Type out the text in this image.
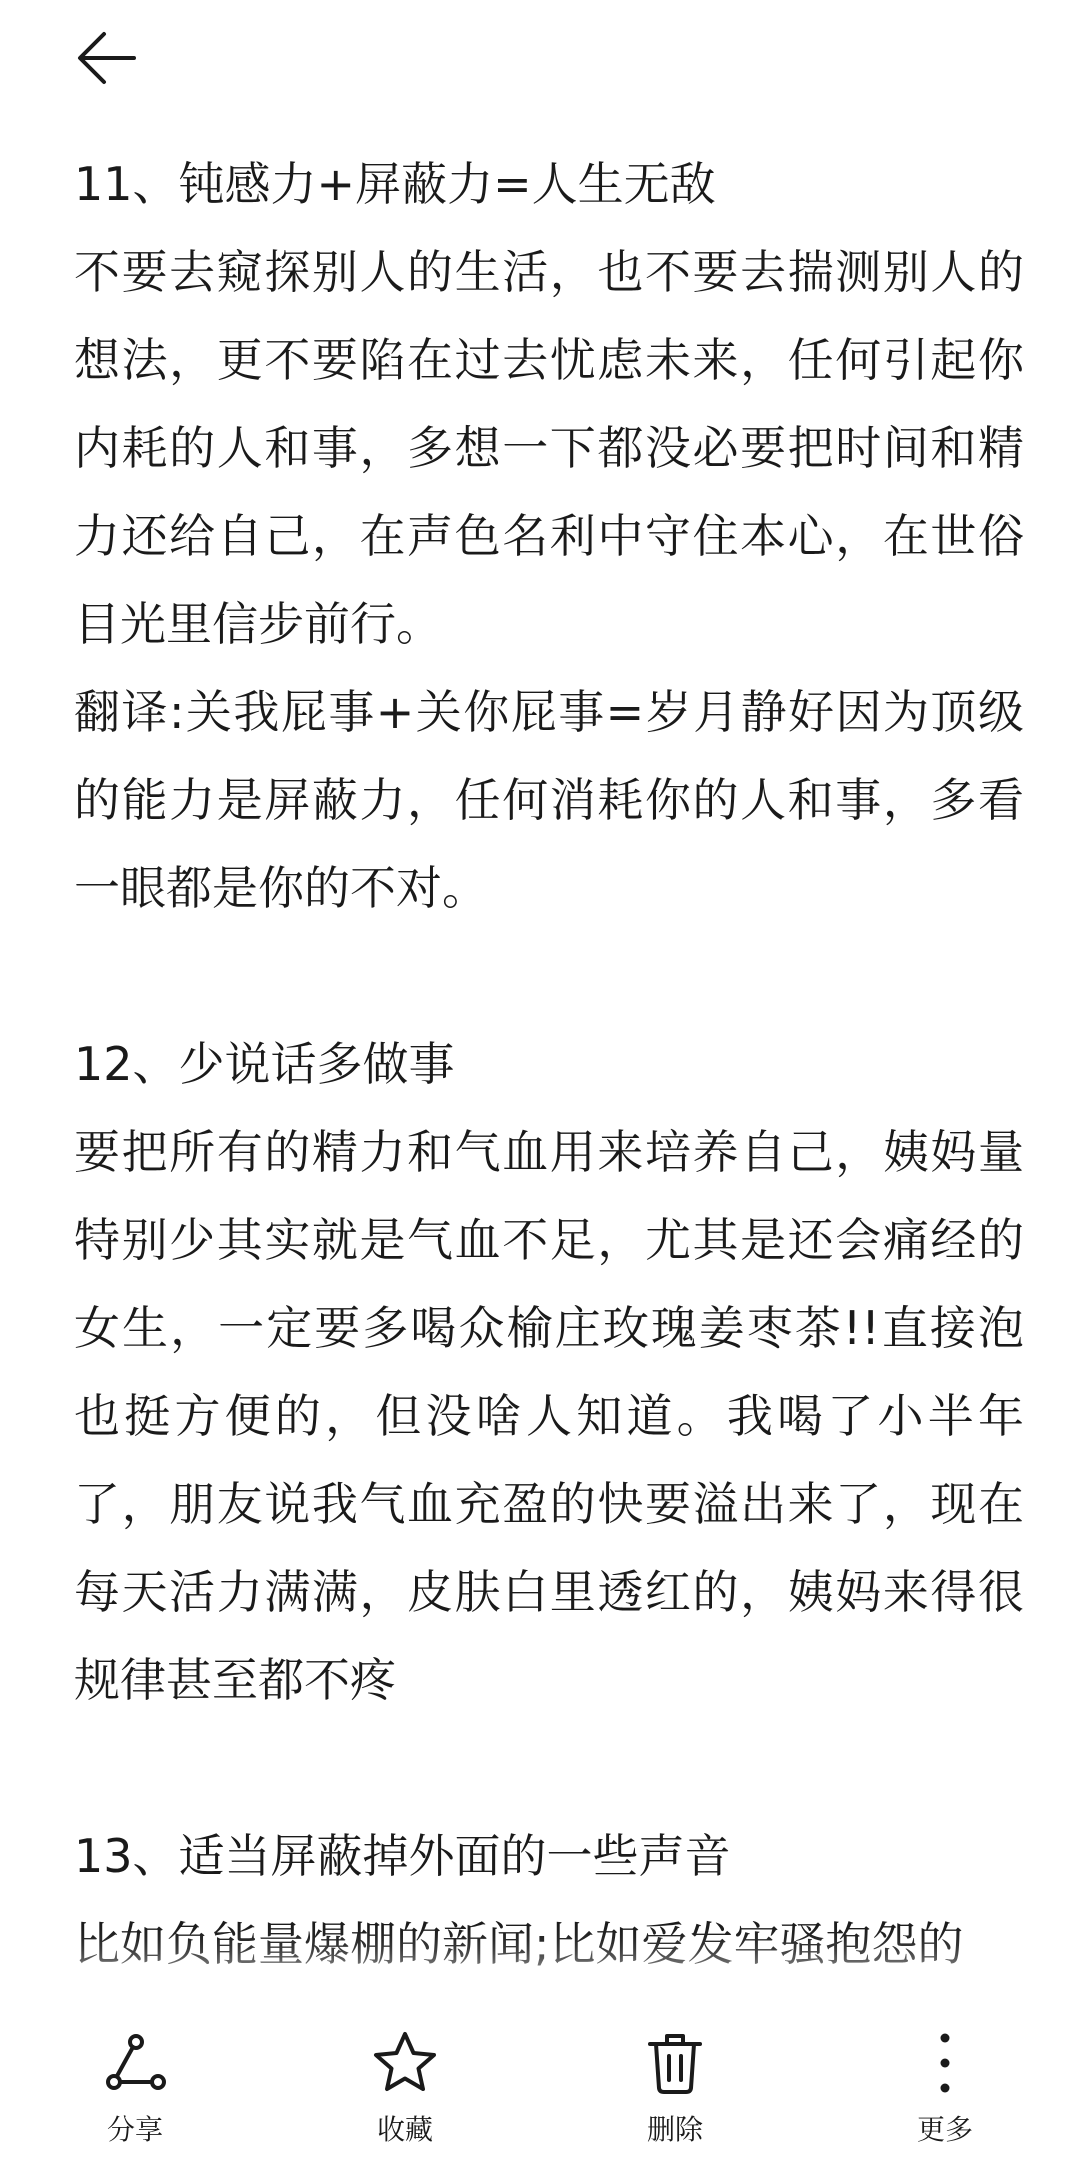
11、钝感力+屏蔽力=人生无敌

不要去窥探别人的生活，也不要去揣测别人的想法，更不要陷在过去忧虑未来，任何引起你内耗的人和事，多想一下都没必要把时间和精力还给自己，在声色名利中守住本心，在世俗目光里信步前行。

翻译:关我屁事+关你屁事=岁月静好因为顶级的能力是屏蔽力，任何消耗你的人和事，多看一眼都是你的不对。

12、少说话多做事

要把所有的精力和气血用来培养自己，姨妈量特别少其实就是气血不足，尤其是还会痛经的女生，一定要多喝众榆庄玫瑰姜枣茶!!直接泡也挺方便的，但没啥人知道。我喝了小半年了，朋友说我气血充盈的快要溢出来了，现在每天活力满满，皮肤白里透红的，姨妈来得很规律甚至都不疼

13、适当屏蔽掉外面的一些声音

比如负能量爆棚的新闻;比如爱发牢骚抱怨的

分享	收藏	删除	更多
